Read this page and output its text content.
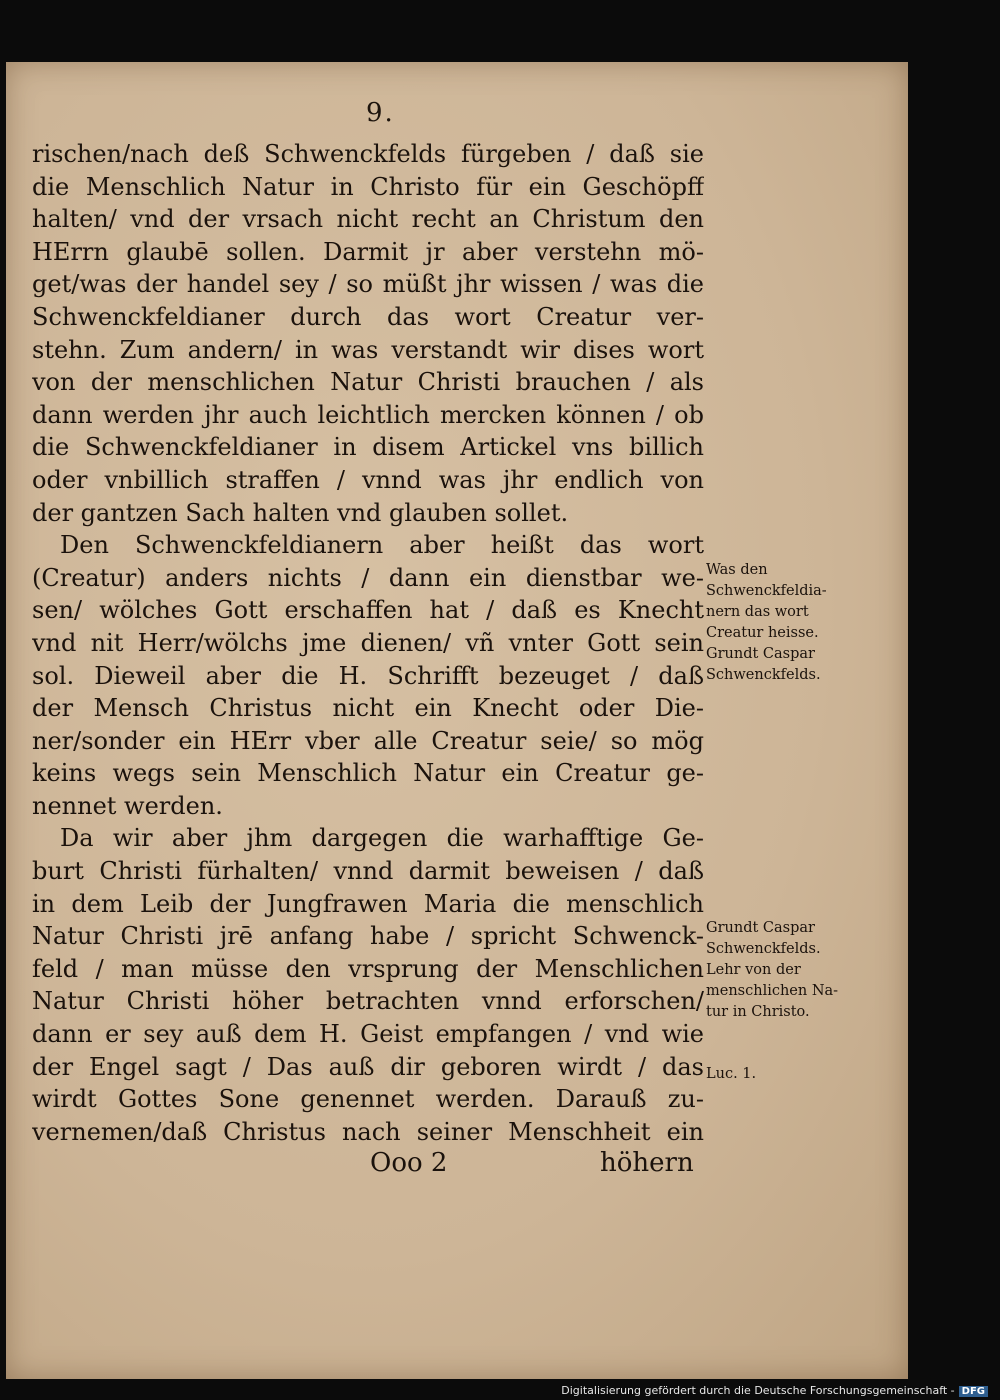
9.
rischen/nach deß Schwenckfelds fürgeben / daß sie
die Menschlich Natur in Christo für ein Geschöpff
halten/ vnd der vrsach nicht recht an Christum den
HErrn glaubē sollen. Darmit jr aber verstehn mö-
get/was der handel sey / so müßt jhr wissen / was die
Schwenckfeldianer durch das wort Creatur ver-
stehn. Zum andern/ in was verstandt wir dises wort
von der menschlichen Natur Christi brauchen / als
dann werden jhr auch leichtlich mercken können / ob
die Schwenckfeldianer in disem Artickel vns billich
oder vnbillich straffen / vnnd was jhr endlich von
der gantzen Sach halten vnd glauben sollet.
Den Schwenckfeldianern aber heißt das wort
(Creatur) anders nichts / dann ein dienstbar we-
sen/ wölches Gott erschaffen hat / daß es Knecht
vnd nit Herr/wölchs jme dienen/ vñ vnter Gott sein
sol. Dieweil aber die H. Schrifft bezeuget / daß
der Mensch Christus nicht ein Knecht oder Die-
ner/sonder ein HErr vber alle Creatur seie/ so mög
keins wegs sein Menschlich Natur ein Creatur ge-
nennet werden.
Da wir aber jhm dargegen die warhafftige Ge-
burt Christi fürhalten/ vnnd darmit beweisen / daß
in dem Leib der Jungfrawen Maria die menschlich
Natur Christi jrē anfang habe / spricht Schwenck-
feld / man müsse den vrsprung der Menschlichen
Natur Christi höher betrachten vnnd erforschen/
dann er sey auß dem H. Geist empfangen / vnd wie
der Engel sagt / Das auß dir geboren wirdt / das
wirdt Gottes Sone genennet werden. Darauß zu-
vernemen/daß Christus nach seiner Menschheit ein
Ooo 2	höhern
Was den
Schwenckfeldia-
nern das wort
Creatur heisse.
Grundt Caspar
Schwenckfelds.
Grundt Caspar
Schwenckfelds.
Lehr von der
menschlichen Na-
tur in Christo.
Luc. 1.
Digitalisierung gefördert durch die Deutsche Forschungsgemeinschaft - DFG
